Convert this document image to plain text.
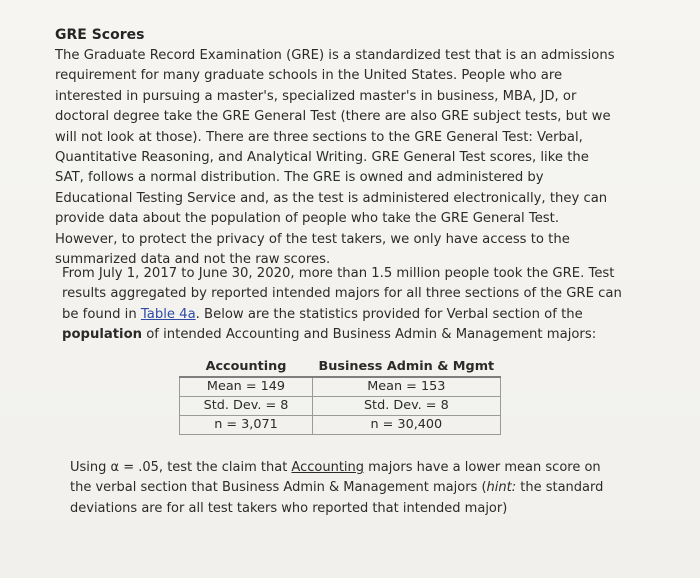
GRE Scores

The Graduate Record Examination (GRE) is a standardized test that is an admissions requirement for many graduate schools in the United States. People who are interested in pursuing a master's, specialized master's in business, MBA, JD, or doctoral degree take the GRE General Test (there are also GRE subject tests, but we will not look at those). There are three sections to the GRE General Test: Verbal, Quantitative Reasoning, and Analytical Writing. GRE General Test scores, like the SAT, follows a normal distribution. The GRE is owned and administered by Educational Testing Service and, as the test is administered electronically, they can provide data about the population of people who take the GRE General Test. However, to protect the privacy of the test takers, we only have access to the summarized data and not the raw scores.

From July 1, 2017 to June 30, 2020, more than 1.5 million people took the GRE. Test results aggregated by reported intended majors for all three sections of the GRE can be found in Table 4a. Below are the statistics provided for Verbal section of the population of intended Accounting and Business Admin & Management majors:

Accounting	Business Admin & Mgmt
Mean = 149	Mean = 153
Std. Dev. = 8	Std. Dev. = 8
n = 3,071	n = 30,400

Using α = .05, test the claim that Accounting majors have a lower mean score on the verbal section that Business Admin & Management majors (hint: the standard deviations are for all test takers who reported that intended major)
